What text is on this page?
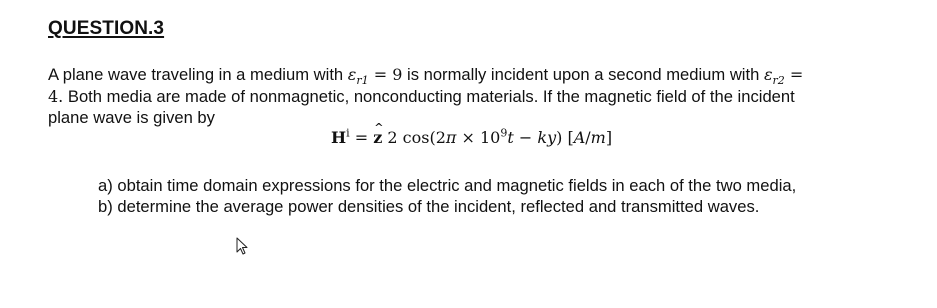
QUESTION.3
A plane wave traveling in a medium with $\varepsilon_{r1} = 9$ is normally incident upon a second medium with $\varepsilon_{r2}$ =
4. Both media are made of nonmagnetic, nonconducting materials. If the magnetic field of the incident
plane wave is given by
$H^i$ = ^ z 2 $\cos(2\pi \times 10^9t - ky)$ [A/m]
a) obtain time domain expressions for the electric and magnetic fields in each of the two media,
b) determine the average power densities of the incident, reflected and transmitted waves.
